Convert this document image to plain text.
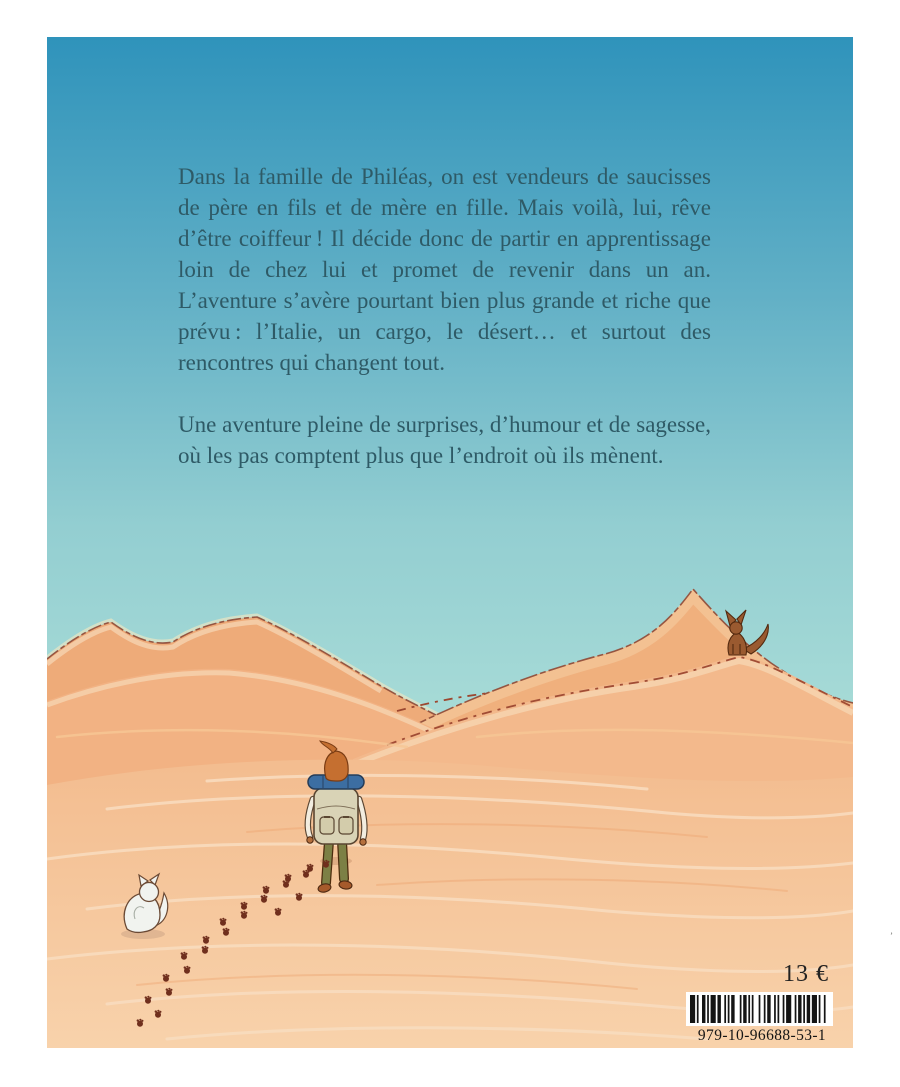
Dans la famille de Philéas, on est vendeurs de saucisses de père en fils et de mère en fille. Mais voilà, lui, rêve d’être coiffeur ! Il décide donc de partir en apprentissage loin de chez lui et promet de revenir dans un an. L’aventure s’avère pourtant bien plus grande et riche que prévu : l’Italie, un cargo, le désert… et surtout des rencontres qui changent tout.

Une aventure pleine de surprises, d’humour et de sagesse, où les pas comptent plus que l’endroit où ils mènent.

13 €
979-10-96688-53-1
ʼ
